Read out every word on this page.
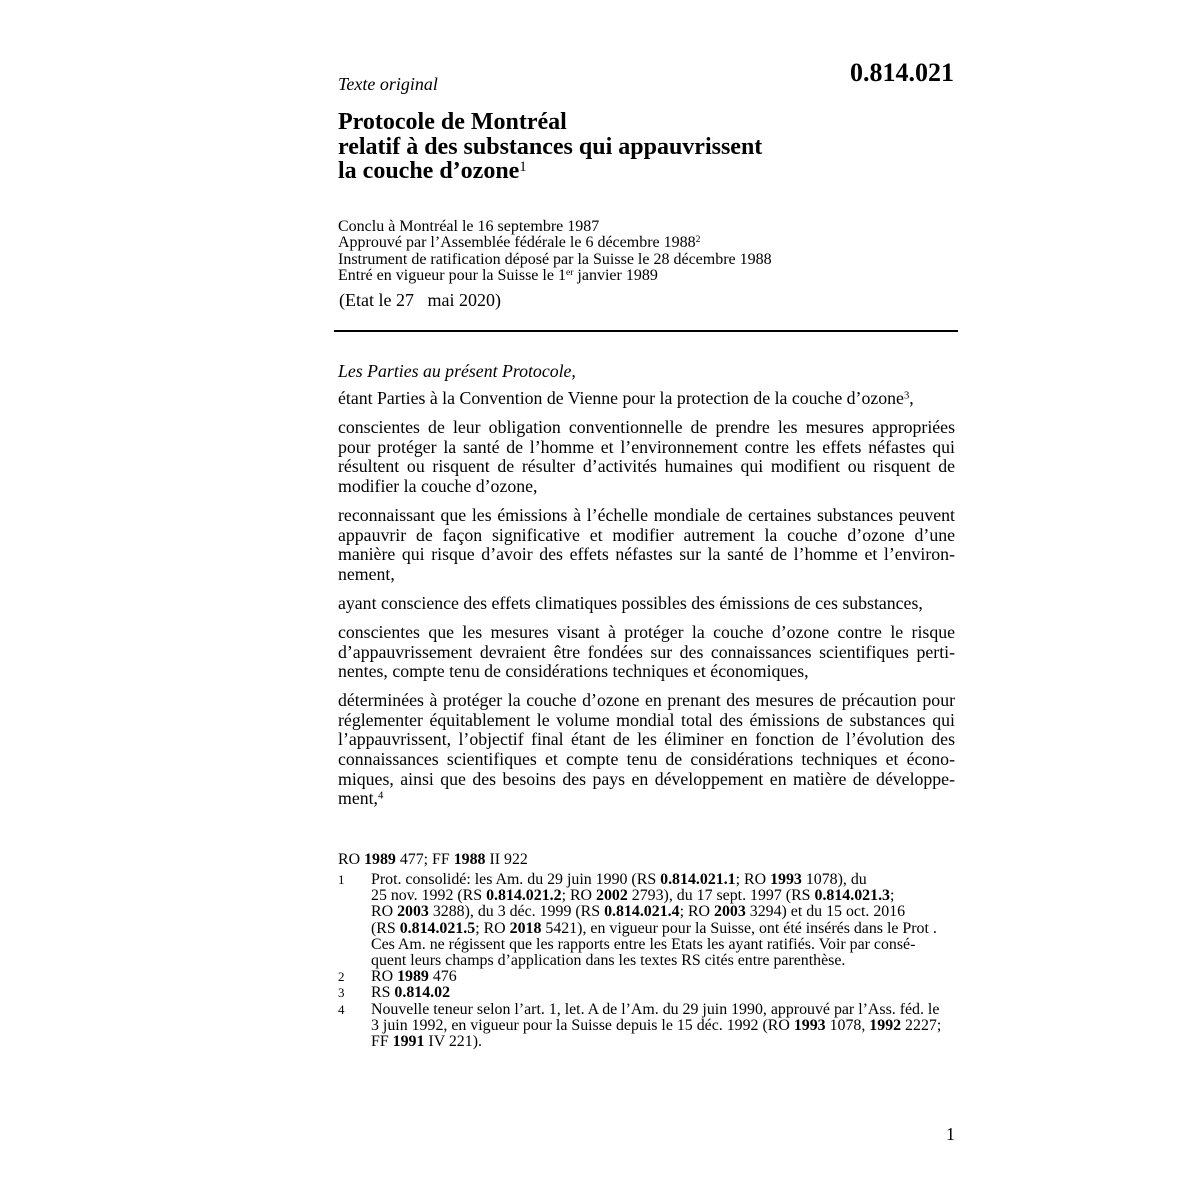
Texte original	0.814.021
Protocole de Montréal
relatif à des substances qui appauvrissent
la couche d’ozone$^1$
Conclu à Montréal le 16 septembre 1987
Approuvé par l’Assemblée fédérale le 6 décembre 1988$^2$
Instrument de ratification déposé par la Suisse le 28 décembre 1988
Entré en vigueur pour la Suisse le 1er janvier 1989
(Etat le 27   mai 2020)
Les Parties au présent Protocole,
étant Parties à la Convention de Vienne pour la protection de la couche d’ozone$^3$,
conscientes de leur obligation conventionnelle de prendre les mesures appropriées
pour protéger la santé de l’homme et l’environnement contre les effets néfastes qui
résultent ou risquent de résulter d’activités humaines qui modifient ou risquent de
modifier la couche d’ozone,
reconnaissant que les émissions à l’échelle mondiale de certaines substances peuvent
appauvrir de façon significative et modifier autrement la couche d’ozone d’une
manière qui risque d’avoir des effets néfastes sur la santé de l’homme et l’environ-
nement,
ayant conscience des effets climatiques possibles des émissions de ces substances,
conscientes que les mesures visant à protéger la couche d’ozone contre le risque
d’appauvrissement devraient être fondées sur des connaissances scientifiques perti-
nentes, compte tenu de considérations techniques et économiques,
déterminées à protéger la couche d’ozone en prenant des mesures de précaution pour
réglementer équitablement le volume mondial total des émissions de substances qui
l’appauvrissent, l’objectif final étant de les éliminer en fonction de l’évolution des
connaissances scientifiques et compte tenu de considérations techniques et écono-
miques, ainsi que des besoins des pays en développement en matière de développe-
ment,$^4$
RO 1989 477; FF 1988 II 922
1 Prot. consolidé: les Am. du 29 juin 1990 (RS 0.814.021.1; RO 1993 1078), du
25 nov. 1992 (RS 0.814.021.2; RO 2002 2793), du 17 sept. 1997 (RS 0.814.021.3;
RO 2003 3288), du 3 déc. 1999 (RS 0.814.021.4; RO 2003 3294) et du 15 oct. 2016
(RS 0.814.021.5; RO 2018 5421), en vigueur pour la Suisse, ont été insérés dans le Prot .
Ces Am. ne régissent que les rapports entre les Etats les ayant ratifiés. Voir par consé-
quent leurs champs d’application dans les textes RS cités entre parenthèse.
2 RO 1989 476
3 RS 0.814.02
4 Nouvelle teneur selon l’art. 1, let. A de l’Am. du 29 juin 1990, approuvé par l’Ass. féd. le
3 juin 1992, en vigueur pour la Suisse depuis le 15 déc. 1992 (RO 1993 1078, 1992 2227;
FF 1991 IV 221).
1
